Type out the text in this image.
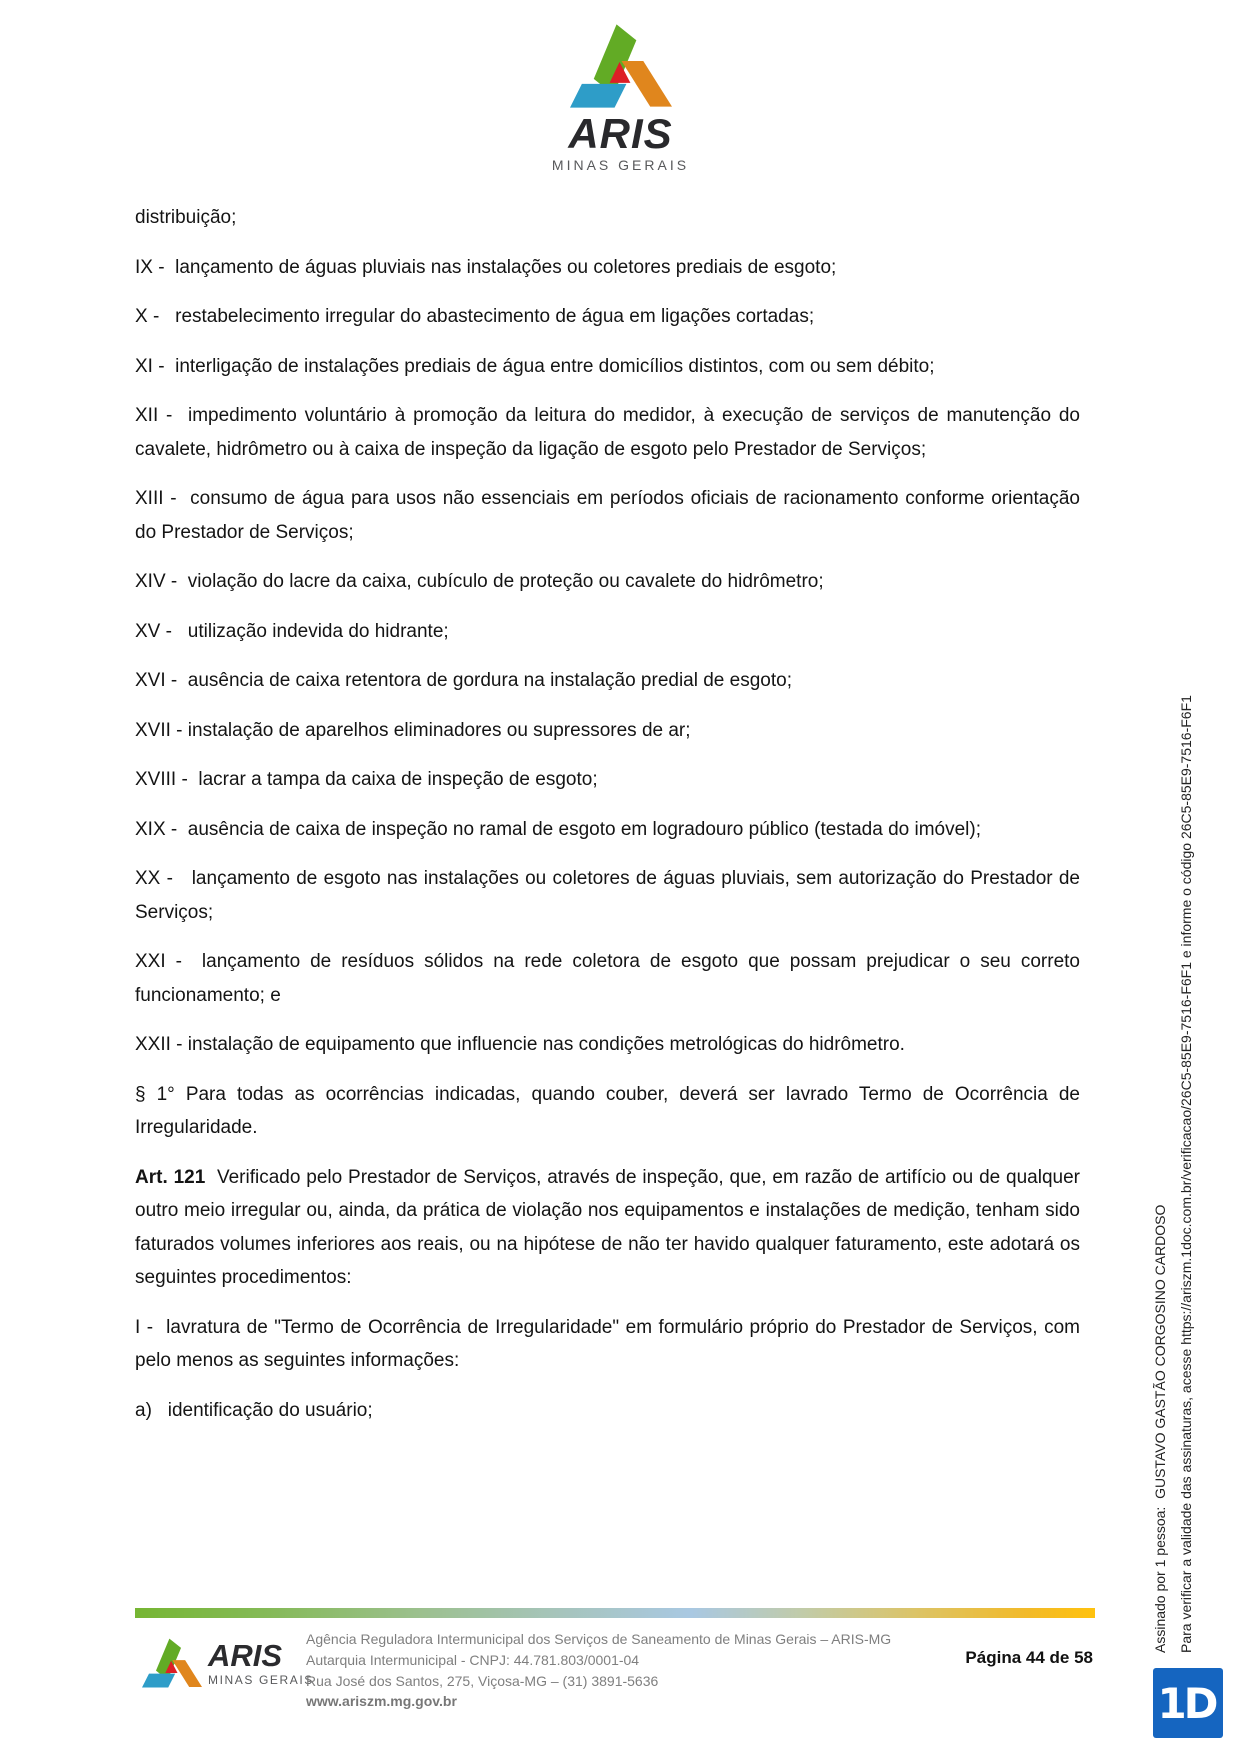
ARIS
MINAS GERAIS

distribuição;

IX -  lançamento de águas pluviais nas instalações ou coletores prediais de esgoto;

X -   restabelecimento irregular do abastecimento de água em ligações cortadas;

XI -  interligação de instalações prediais de água entre domicílios distintos, com ou sem débito;

XII -  impedimento voluntário à promoção da leitura do medidor, à execução de serviços de manutenção do cavalete, hidrômetro ou à caixa de inspeção da ligação de esgoto pelo Prestador de Serviços;

XIII -  consumo de água para usos não essenciais em períodos oficiais de racionamento conforme orientação do Prestador de Serviços;

XIV -  violação do lacre da caixa, cubículo de proteção ou cavalete do hidrômetro;

XV -   utilização indevida do hidrante;

XVI -  ausência de caixa retentora de gordura na instalação predial de esgoto;

XVII - instalação de aparelhos eliminadores ou supressores de ar;

XVIII -  lacrar a tampa da caixa de inspeção de esgoto;

XIX -  ausência de caixa de inspeção no ramal de esgoto em logradouro público (testada do imóvel);

XX -   lançamento de esgoto nas instalações ou coletores de águas pluviais, sem autorização do Prestador de Serviços;

XXI -  lançamento de resíduos sólidos na rede coletora de esgoto que possam prejudicar o seu correto funcionamento; e

XXII - instalação de equipamento que influencie nas condições metrológicas do hidrômetro.

§ 1° Para todas as ocorrências indicadas, quando couber, deverá ser lavrado Termo de Ocorrência de Irregularidade.

Art. 121  Verificado pelo Prestador de Serviços, através de inspeção, que, em razão de artifício ou de qualquer outro meio irregular ou, ainda, da prática de violação nos equipamentos e instalações de medição, tenham sido faturados volumes inferiores aos reais, ou na hipótese de não ter havido qualquer faturamento, este adotará os seguintes procedimentos:

I -  lavratura de "Termo de Ocorrência de Irregularidade" em formulário próprio do Prestador de Serviços, com pelo menos as seguintes informações:

a)   identificação do usuário;	Assinado por 1 pessoa:  GUSTAVO GASTÃO CORGOSINO CARDOSO Para verificar a validade das assinaturas, acesse https://ariszm.1doc.com.br/verificacao/26C5-85E9-7516-F6F1 e informe o código 26C5-85E9-7516-F6F1
ARIS
MINAS GERAIS
Agência Reguladora Intermunicipal dos Serviços de Saneamento de Minas Gerais – ARIS-MG
Autarquia Intermunicipal - CNPJ: 44.781.803/0001-04
Rua José dos Santos, 275, Viçosa-MG – (31) 3891-5636
www.ariszm.mg.gov.br
Página 44 de 58
1D
